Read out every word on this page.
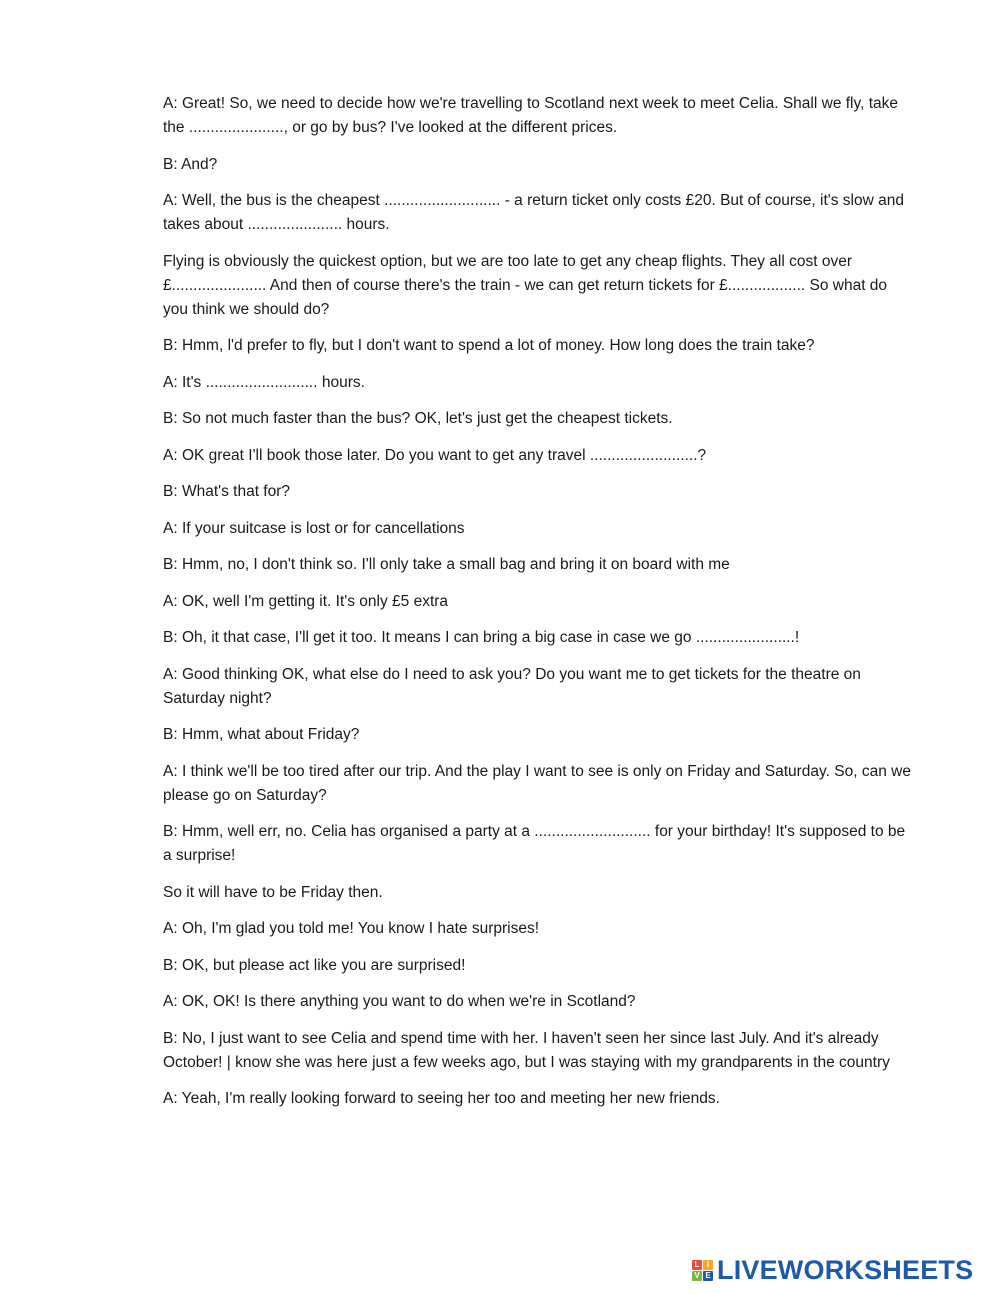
A: Great! So, we need to decide how we're travelling to Scotland next week to meet Celia. Shall we fly, take the ......................, or go by bus? I've looked at the different prices.

B: And?

A: Well, the bus is the cheapest ........................... - a return ticket only costs £20. But of course, it's slow and takes about ...................... hours.

Flying is obviously the quickest option, but we are too late to get any cheap flights. They all cost over £...................... And then of course there's the train - we can get return tickets for £.................. So what do you think we should do?

B: Hmm, l'd prefer to fly, but I don't want to spend a lot of money. How long does the train take?

A: It's .......................... hours.

B: So not much faster than the bus? OK, let's just get the cheapest tickets.

A: OK great I'll book those later. Do you want to get any travel .........................?

B: What's that for?

A: If your suitcase is lost or for cancellations

B: Hmm, no, I don't think so. I'll only take a small bag and bring it on board with me

A: OK, well I'm getting it. It's only £5 extra

B: Oh, it that case, I'll get it too. It means I can bring a big case in case we go .......................!

A: Good thinking OK, what else do I need to ask you? Do you want me to get tickets for the theatre on Saturday night?

B: Hmm, what about Friday?

A: I think we'll be too tired after our trip. And the play I want to see is only on Friday and Saturday. So, can we please go on Saturday?

B: Hmm, well err, no. Celia has organised a party at a ........................... for your birthday! It's supposed to be a surprise!

So it will have to be Friday then.

A: Oh, I'm glad you told me! You know I hate surprises!

B: OK, but please act like you are surprised!

A: OK, OK! Is there anything you want to do when we're in Scotland?

B: No, I just want to see Celia and spend time with her. I haven't seen her since last July. And it's already October! | know she was here just a few weeks ago, but I was staying with my grandparents in the country

A: Yeah, I'm really looking forward to seeing her too and meeting her new friends.

L I
V E LIVEWORKSHEETS
